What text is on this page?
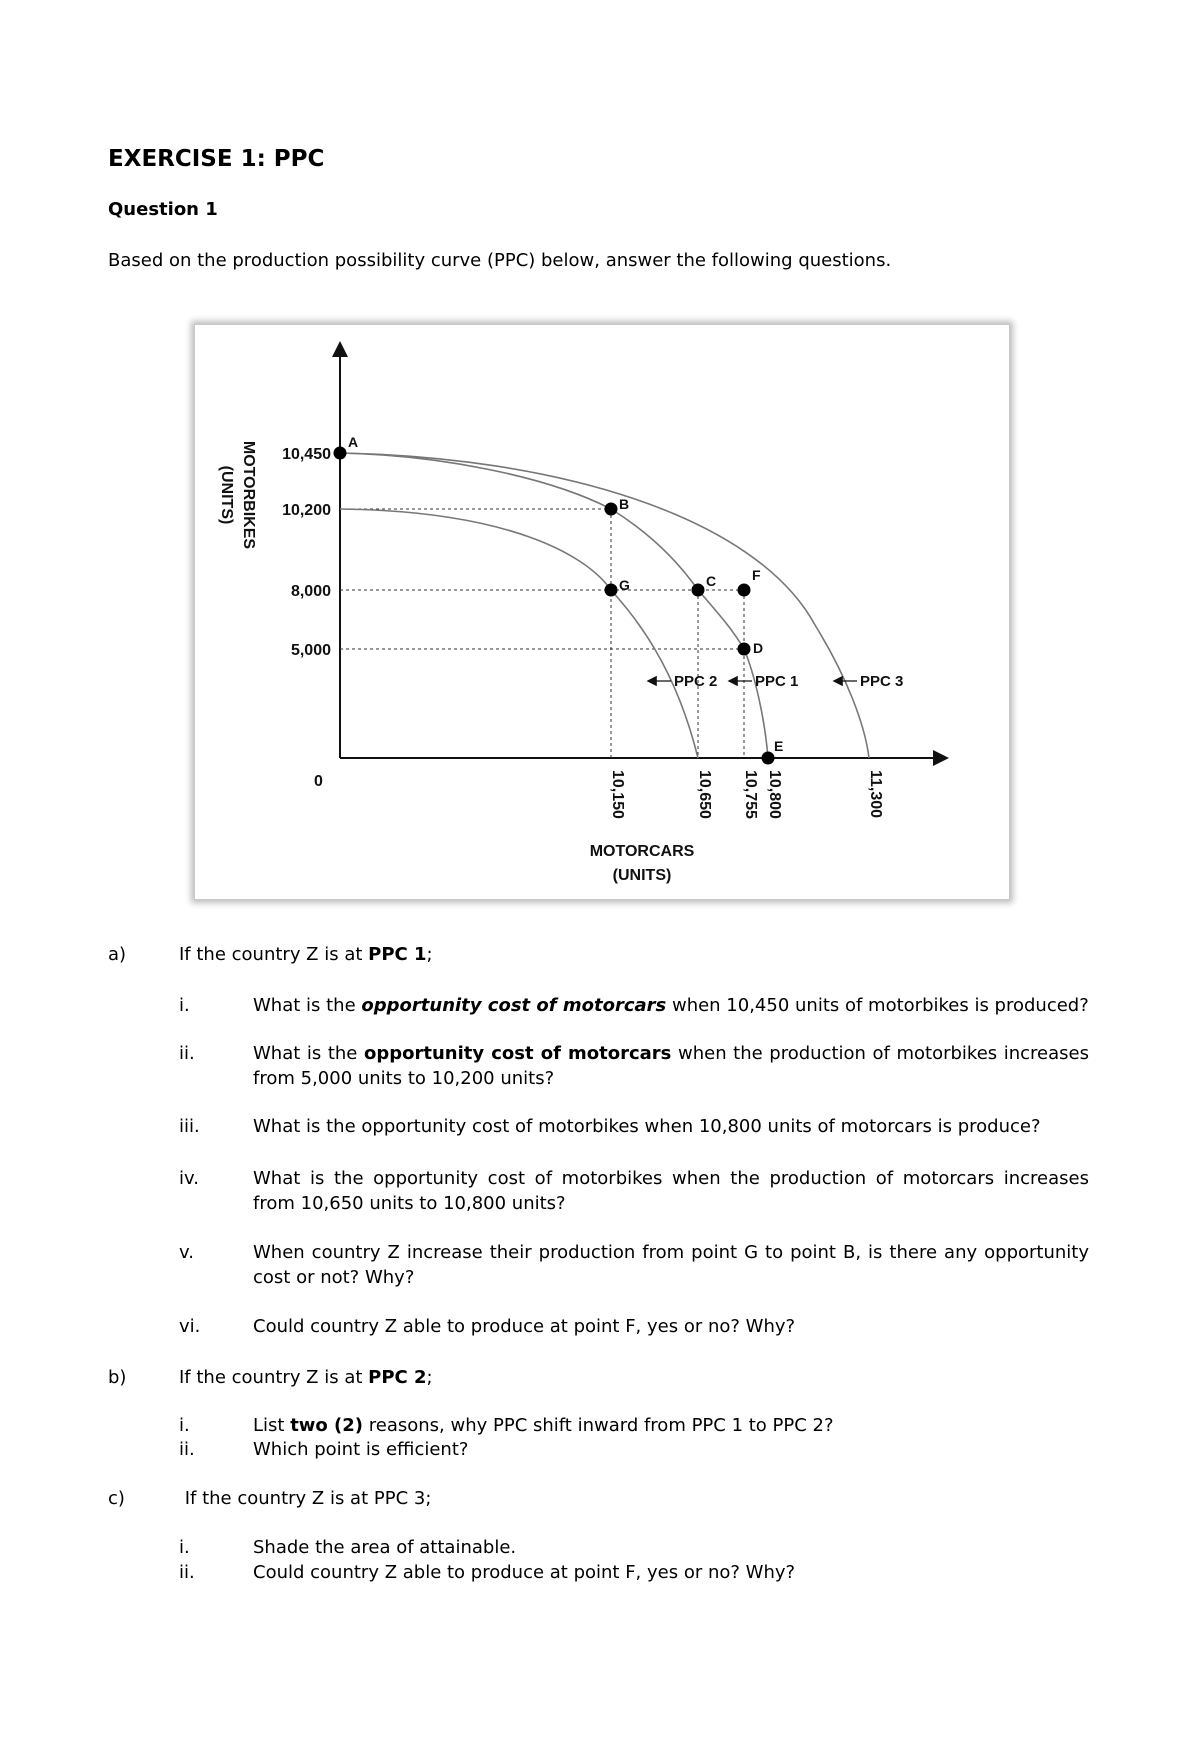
EXERCISE 1: PPC
Question 1
Based on the production possibility curve (PPC) below, answer the following questions.
A
B
G	C	F
D
E
10,450
10,200
8,000
5,000
10,150	10,650 10,755 10,800	11,300
PPC 2	PPC 1	PPC 3
0
MOTORBIKES
(UNITS)
MOTORCARS
(UNITS)
a)	If the country Z is at PPC 1;
i.	What is the opportunity cost of motorcars when 10,450 units of motorbikes is produced?
ii.	What is the opportunity cost of motorcars when the production of motorbikes increases from 5,000 units to 10,200 units?
iii.	What is the opportunity cost of motorbikes when 10,800 units of motorcars is produce?
iv.	What is the opportunity cost of motorbikes when the production of motorcars increases from 10,650 units to 10,800 units?
v.	When country Z increase their production from point G to point B, is there any opportunity cost or not? Why?
vi.	Could country Z able to produce at point F, yes or no? Why?
b)	If the country Z is at PPC 2;
i.	List two (2) reasons, why PPC shift inward from PPC 1 to PPC 2?
ii.	Which point is efficient?
c)	If the country Z is at PPC 3;
i.	Shade the area of attainable.
ii.	Could country Z able to produce at point F, yes or no? Why?
